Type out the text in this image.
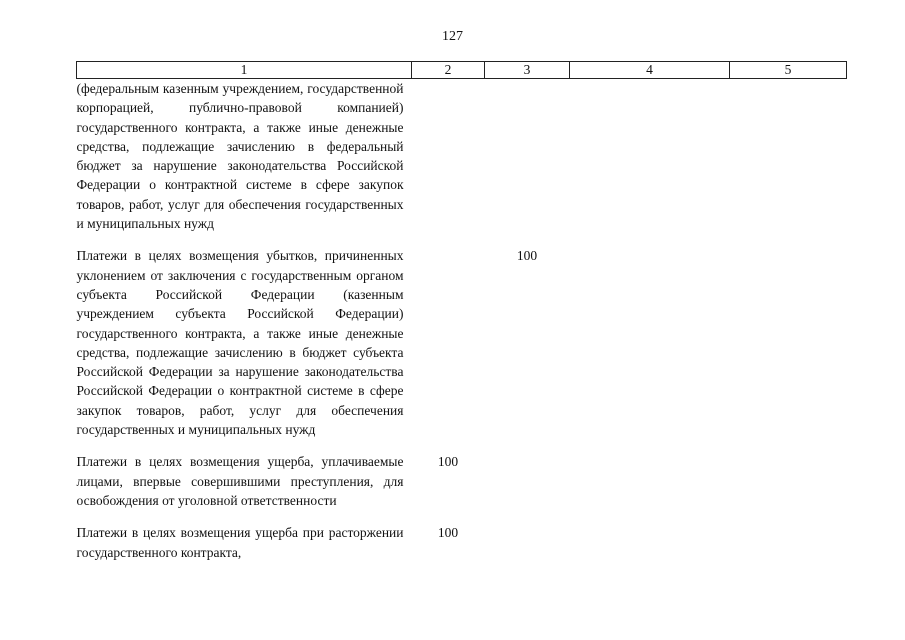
127
1	2	3	4	5
(федеральным казенным учреждением, государственной корпорацией, публично-правовой компанией) государственного контракта, а также иные денежные средства, подлежащие зачислению в федеральный бюджет за нарушение законодательства Российской Федерации о контрактной системе в сфере закупок товаров, работ, услуг для обеспечения государственных и муниципальных нужд				

Платежи в целях возмещения убытков, причиненных уклонением от заключения с государственным органом субъекта Российской Федерации (казенным учреждением субъекта Российской Федерации) государственного контракта, а также иные денежные средства, подлежащие зачислению в бюджет субъекта Российской Федерации за нарушение законодательства Российской Федерации о контрактной системе в сфере закупок товаров, работ, услуг для обеспечения государственных и муниципальных нужд		100		

Платежи в целях возмещения ущерба, уплачиваемые лицами, впервые совершившими преступления, для освобождения от уголовной ответственности	100			

Платежи в целях возмещения ущерба при расторжении государственного контракта,	100			
